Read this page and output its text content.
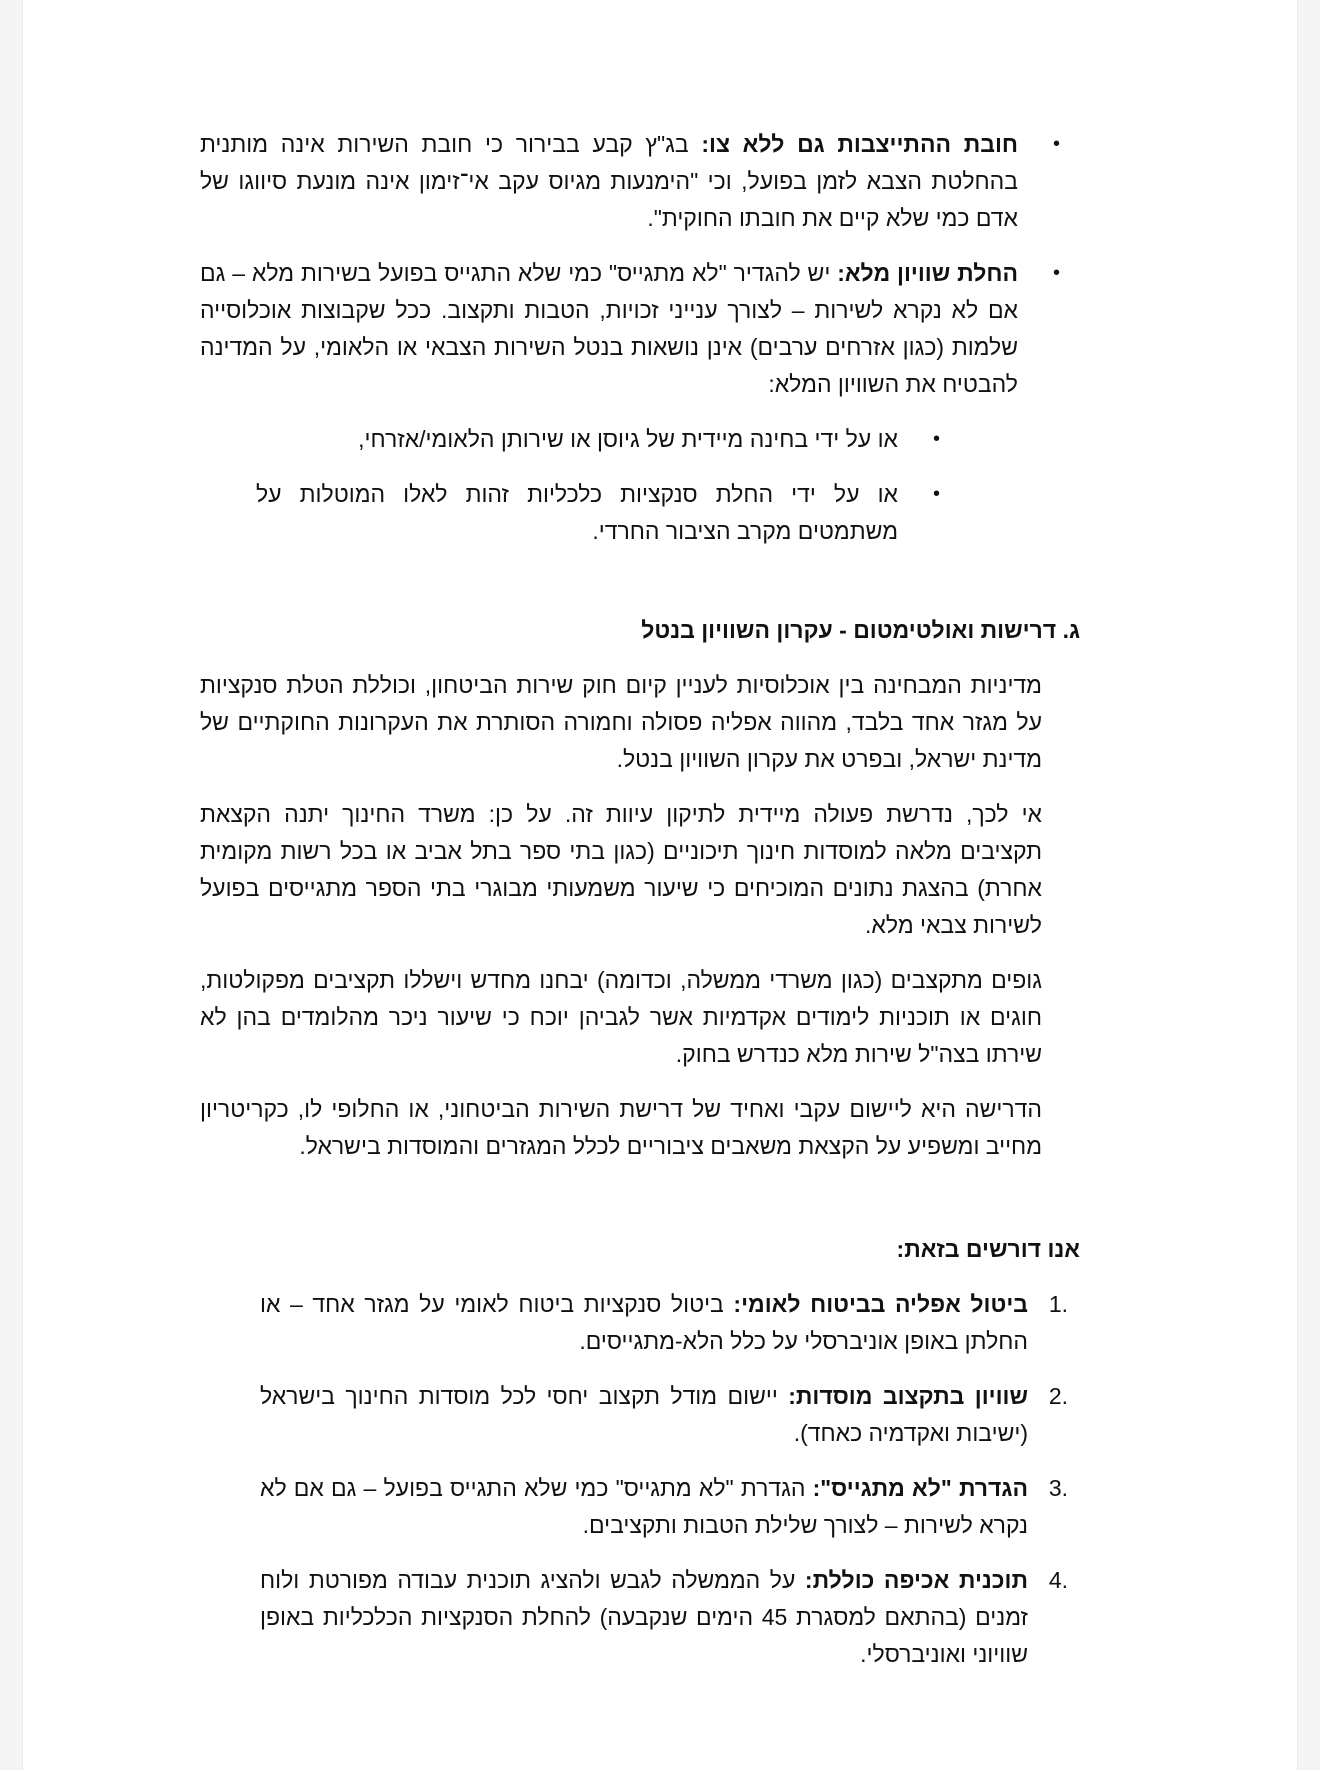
• חובת ההתייצבות גם ללא צו: בג"ץ קבע בבירור כי חובת השירות אינה מותנית בהחלטת הצבא לזמן בפועל, וכי "הימנעות מגיוס עקב אי־זימון אינה מונעת סיווגו של אדם כמי שלא קיים את חובתו החוקית".

• החלת שוויון מלא: יש להגדיר "לא מתגייס" כמי שלא התגייס בפועל בשירות מלא – גם אם לא נקרא לשירות – לצורך ענייני זכויות, הטבות ותקצוב. ככל שקבוצות אוכלוסייה שלמות (כגון אזרחים ערבים) אינן נושאות בנטל השירות הצבאי או הלאומי, על המדינה להבטיח את השוויון המלא:

• או על ידי בחינה מיידית של גיוסן או שירותן הלאומי/אזרחי,
• או על ידי החלת סנקציות כלכליות זהות לאלו המוטלות על משתמטים מקרב הציבור החרדי.

ג. דרישות ואולטימטום - עקרון השוויון בנטל

מדיניות המבחינה בין אוכלוסיות לעניין קיום חוק שירות הביטחון, וכוללת הטלת סנקציות על מגזר אחד בלבד, מהווה אפליה פסולה וחמורה הסותרת את העקרונות החוקתיים של מדינת ישראל, ובפרט את עקרון השוויון בנטל.

אי לכך, נדרשת פעולה מיידית לתיקון עיוות זה. על כן: משרד החינוך יתנה הקצאת תקציבים מלאה למוסדות חינוך תיכוניים (כגון בתי ספר בתל אביב או בכל רשות מקומית אחרת) בהצגת נתונים המוכיחים כי שיעור משמעותי מבוגרי בתי הספר מתגייסים בפועל לשירות צבאי מלא.

גופים מתקצבים (כגון משרדי ממשלה, וכדומה) יבחנו מחדש וישללו תקציבים מפקולטות, חוגים או תוכניות לימודים אקדמיות אשר לגביהן יוכח כי שיעור ניכר מהלומדים בהן לא שירתו בצה"ל שירות מלא כנדרש בחוק.

הדרישה היא ליישום עקבי ואחיד של דרישת השירות הביטחוני, או החלופי לו, כקריטריון מחייב ומשפיע על הקצאת משאבים ציבוריים לכלל המגזרים והמוסדות בישראל.

אנו דורשים בזאת:

1.

ביטול אפליה בביטוח לאומי: ביטול סנקציות ביטוח לאומי על מגזר אחד – או החלתן באופן אוניברסלי על כלל הלא-מתגייסים.

2.

שוויון בתקצוב מוסדות: יישום מודל תקצוב יחסי לכל מוסדות החינוך בישראל (ישיבות ואקדמיה כאחד).

3.

הגדרת "לא מתגייס": הגדרת "לא מתגייס" כמי שלא התגייס בפועל – גם אם לא נקרא לשירות – לצורך שלילת הטבות ותקציבים.

4.

תוכנית אכיפה כוללת: על הממשלה לגבש ולהציג תוכנית עבודה מפורטת ולוח זמנים (בהתאם למסגרת 45 הימים שנקבעה) להחלת הסנקציות הכלכליות באופן שוויוני ואוניברסלי.
